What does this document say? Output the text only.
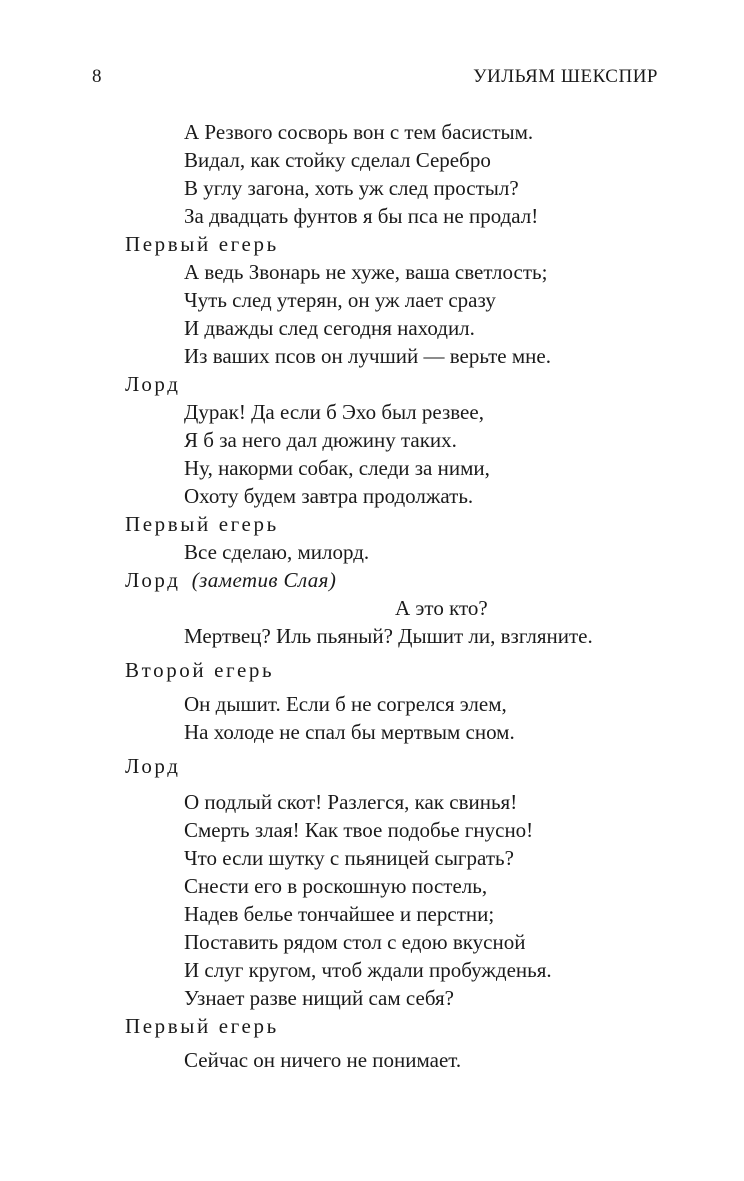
8	УИЛЬЯМ ШЕКСПИР
А Резвого сосворь вон с тем басистым.
Видал, как стойку сделал Серебро
В углу загона, хоть уж след простыл?
За двадцать фунтов я бы пса не продал!
Первый егерь
А ведь Звонарь не хуже, ваша светлость;
Чуть след утерян, он уж лает сразу
И дважды след сегодня находил.
Из ваших псов он лучший — верьте мне.
Лорд
Дурак! Да если б Эхо был резвее,
Я б за него дал дюжину таких.
Ну, накорми собак, следи за ними,
Охоту будем завтра продолжать.
Первый егерь
Все сделаю, милорд.
Лорд (заметив Слая)
А это кто?
Мертвец? Иль пьяный? Дышит ли, взгляните.
Второй егерь
Он дышит. Если б не согрелся элем,
На холоде не спал бы мертвым сном.
Лорд
О подлый скот! Разлегся, как свинья!
Смерть злая! Как твое подобье гнусно!
Что если шутку с пьяницей сыграть?
Снести его в роскошную постель,
Надев белье тончайшее и перстни;
Поставить рядом стол с едою вкусной
И слуг кругом, чтоб ждали пробужденья.
Узнает разве нищий сам себя?
Первый егерь
Сейчас он ничего не понимает.
